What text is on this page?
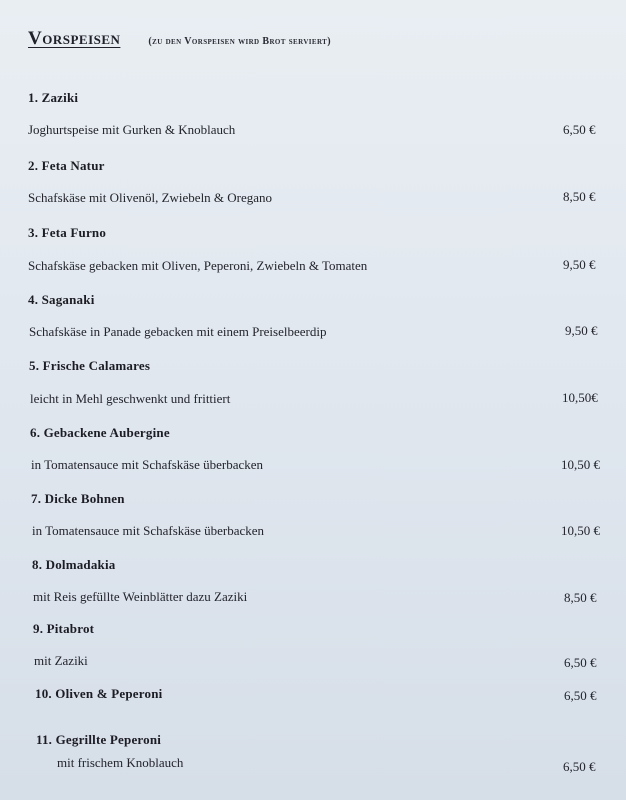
Vorspeisen	(zu den Vorspeisen wird Brot serviert)
1. Zaziki
Joghurtspeise mit Gurken & Knoblauch	6,50 €
2. Feta Natur
Schafskäse mit Olivenöl, Zwiebeln & Oregano	8,50 €
3. Feta Furno
Schafskäse gebacken mit Oliven, Peperoni, Zwiebeln & Tomaten	9,50 €
4. Saganaki
Schafskäse in Panade gebacken mit einem Preiselbeerdip	9,50 €
5. Frische Calamares
leicht in Mehl geschwenkt und frittiert	10,50€
6. Gebackene Aubergine
in Tomatensauce mit Schafskäse überbacken	10,50 €
7. Dicke Bohnen
in Tomatensauce mit Schafskäse überbacken	10,50 €
8. Dolmadakia
mit Reis gefüllte Weinblätter dazu Zaziki	8,50 €
9. Pitabrot
mit Zaziki	6,50 €
10. Oliven & Peperoni	6,50 €
11. Gegrillte Peperoni
mit frischem Knoblauch	6,50 €
